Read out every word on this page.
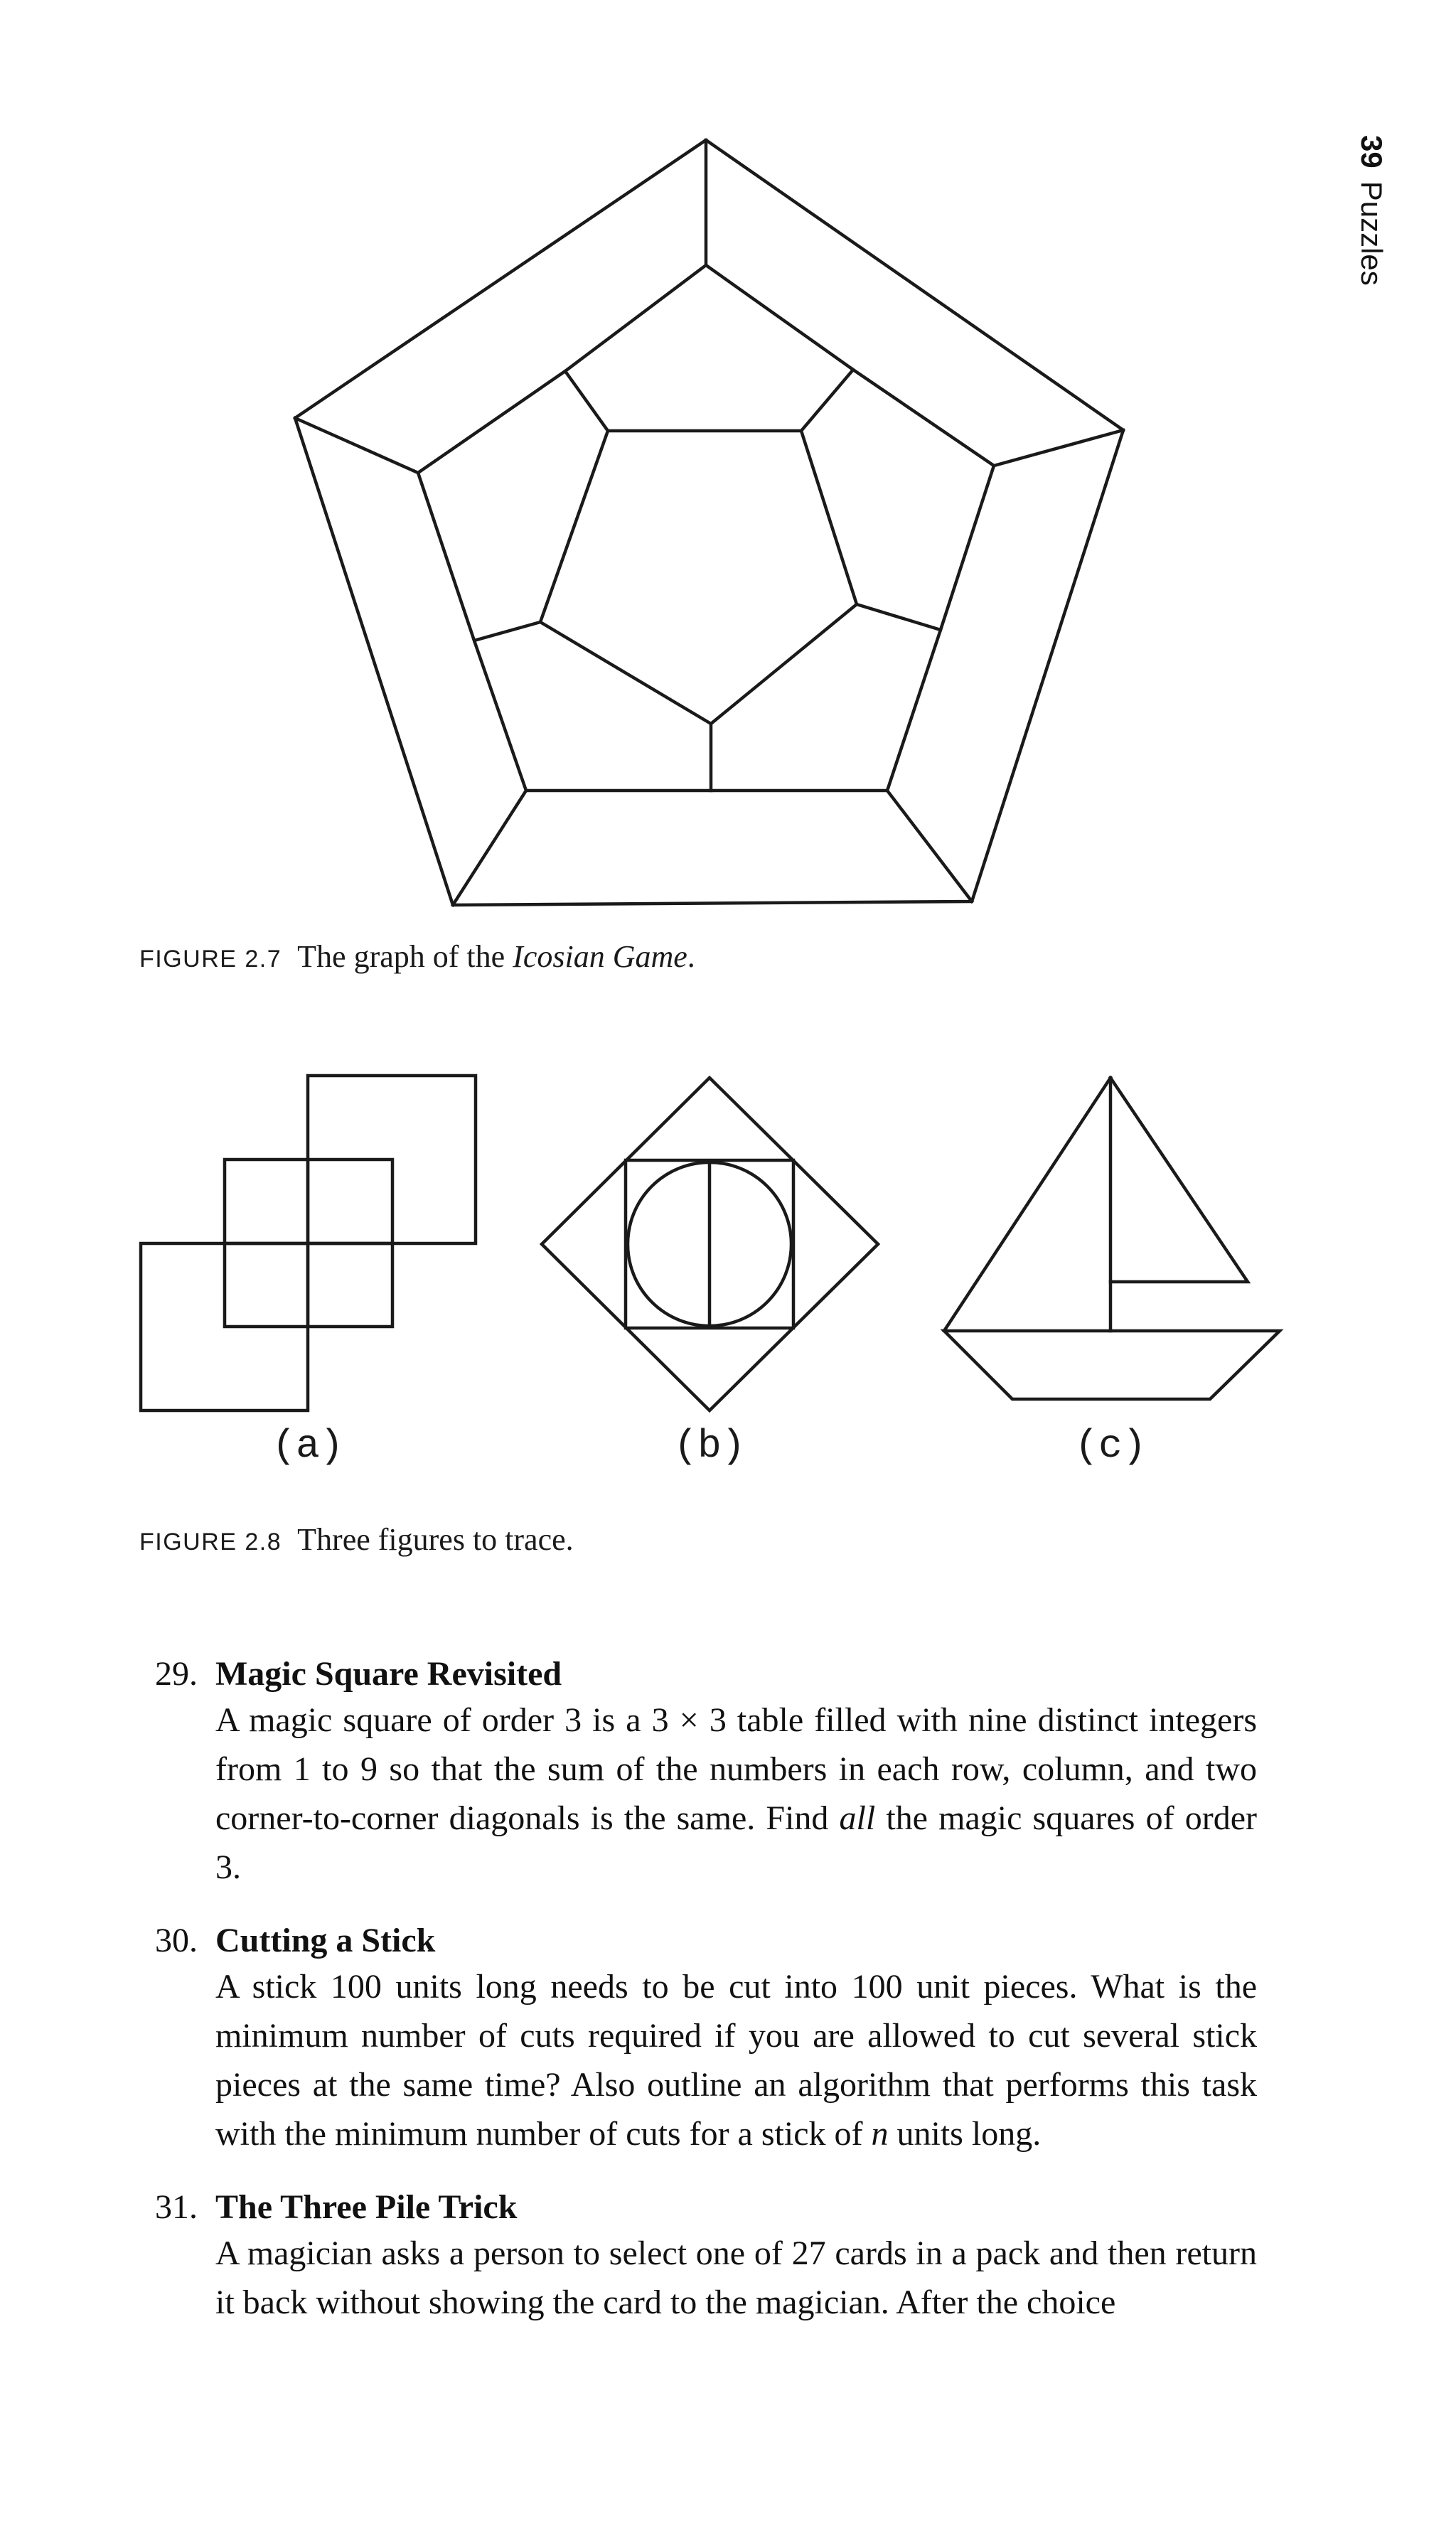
39Puzzles
FIGURE 2.7 The graph of the Icosian Game.
(a)	(b)	(c)
FIGURE 2.8 Three figures to trace.
29. Magic Square Revisited
A magic square of order 3 is a 3 × 3 table filled with nine distinct integers from 1 to 9 so that the sum of the numbers in each row, column, and two corner-to-corner diagonals is the same. Find all the magic squares of order 3.
30. Cutting a Stick
A stick 100 units long needs to be cut into 100 unit pieces. What is the minimum number of cuts required if you are allowed to cut several stick pieces at the same time? Also outline an algorithm that performs this task with the minimum number of cuts for a stick of n units long.
31. The Three Pile Trick
A magician asks a person to select one of 27 cards in a pack and then return it back without showing the card to the magician. After the choice
